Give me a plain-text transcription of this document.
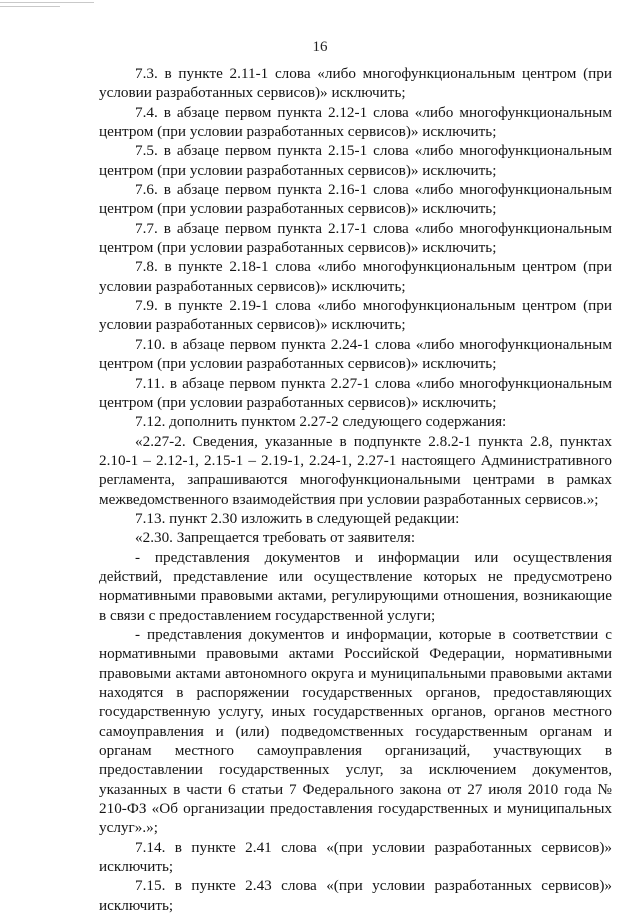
16

7.3. в пункте 2.11-1 слова «либо многофункциональным центром (при условии разработанных сервисов)» исключить;

7.4. в абзаце первом пункта 2.12-1 слова «либо многофункциональным центром (при условии разработанных сервисов)» исключить;

7.5. в абзаце первом пункта 2.15-1 слова «либо многофункциональным центром (при условии разработанных сервисов)» исключить;

7.6. в абзаце первом пункта 2.16-1 слова «либо многофункциональным центром (при условии разработанных сервисов)» исключить;

7.7. в абзаце первом пункта 2.17-1 слова «либо многофункциональным центром (при условии разработанных сервисов)» исключить;

7.8. в пункте 2.18-1 слова «либо многофункциональным центром (при условии разработанных сервисов)» исключить;

7.9. в пункте 2.19-1 слова «либо многофункциональным центром (при условии разработанных сервисов)» исключить;

7.10. в абзаце первом пункта 2.24-1 слова «либо многофункциональным центром (при условии разработанных сервисов)» исключить;

7.11. в абзаце первом пункта 2.27-1 слова «либо многофункциональным центром (при условии разработанных сервисов)» исключить;

7.12. дополнить пунктом 2.27-2 следующего содержания:

«2.27-2. Сведения, указанные в подпункте 2.8.2-1 пункта 2.8, пунктах 2.10-1 – 2.12-1, 2.15-1 – 2.19-1, 2.24-1, 2.27-1 настоящего Административного регламента, запрашиваются многофункциональными центрами в рамках межведомственного взаимодействия при условии разработанных сервисов.»;

7.13. пункт 2.30 изложить в следующей редакции:

«2.30. Запрещается требовать от заявителя:

- представления документов и информации или осуществления действий, представление или осуществление которых не предусмотрено нормативными правовыми актами, регулирующими отношения, возникающие в связи с предоставлением государственной услуги;

- представления документов и информации, которые в соответствии с нормативными правовыми актами Российской Федерации, нормативными правовыми актами автономного округа и муниципальными правовыми актами находятся в распоряжении государственных органов, предоставляющих государственную услугу, иных государственных органов, органов местного самоуправления и (или) подведомственных государственным органам и органам местного самоуправления организаций, участвующих в предоставлении государственных услуг, за исключением документов, указанных в части 6 статьи 7 Федерального закона от 27 июля 2010 года № 210-ФЗ «Об организации предоставления государственных и муниципальных услуг».»;

7.14. в пункте 2.41 слова «(при условии разработанных сервисов)» исключить;

7.15. в пункте 2.43 слова «(при условии разработанных сервисов)» исключить;
